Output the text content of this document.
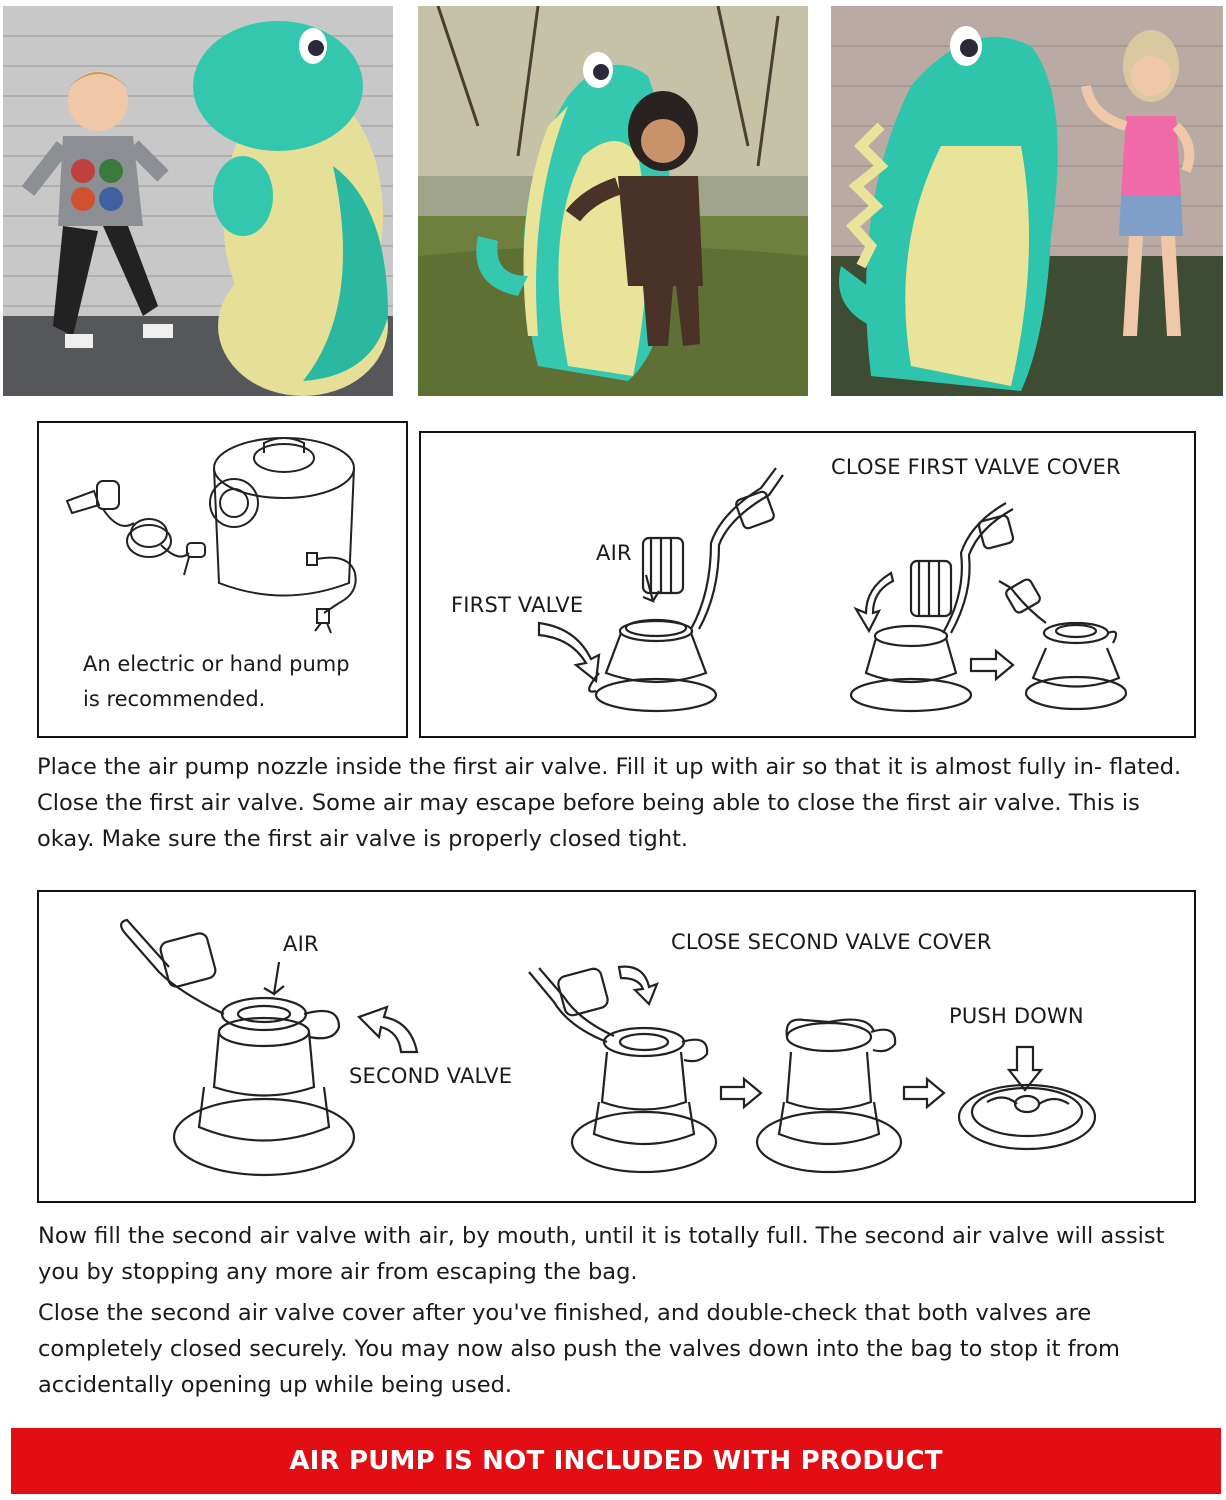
An electric or hand pump
is recommended.
CLOSE FIRST VALVE COVER
AIR
FIRST VALVE
Place the air pump nozzle inside the first air valve. Fill it up with air so that it is almost fully in- flated. Close the first air valve. Some air may escape before being able to close the first air valve. This is okay. Make sure the first air valve is properly closed tight.
AIR	CLOSE SECOND VALVE COVER
SECOND VALVE
PUSH DOWN
Now fill the second air valve with air, by mouth, until it is totally full. The second air valve will assist you by stopping any more air from escaping the bag.
Close the second air valve cover after you've finished, and double-check that both valves are completely closed securely. You may now also push the valves down into the bag to stop it from accidentally opening up while being used.
AIR PUMP IS NOT INCLUDED WITH PRODUCT
